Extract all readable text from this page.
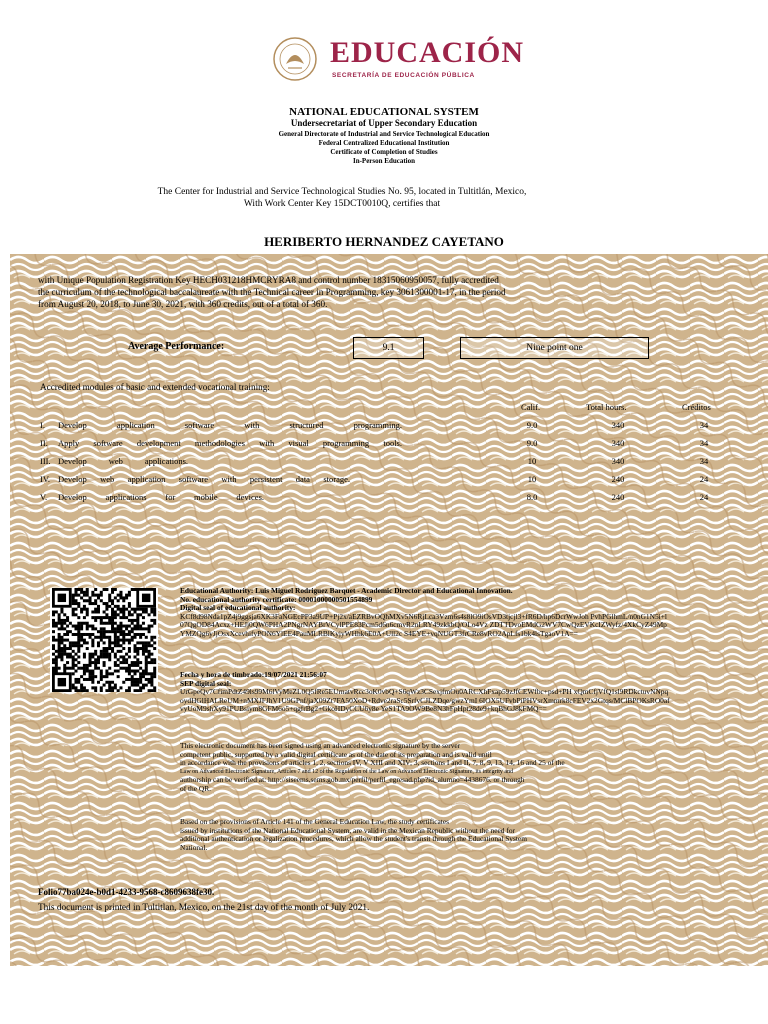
EDUCACIÓN
SECRETARÍA DE EDUCACIÓN PÚBLICA
NATIONAL EDUCATIONAL SYSTEM
Undersecretariat of Upper Secondary Education
General Directorate of Industrial and Service Technological Education
Federal Centralized Educational Institution
Certificate of Completion of Studies
In-Person Education
The Center for Industrial and Service Technological Studies No. 95, located in Tultitlán, Mexico,
With Work Center Key 15DCT0010Q, certifies that
HERIBERTO HERNANDEZ CAYETANO
with Unique Population Registration Key HECH031218HMCRYRA8 and control number 18315060950057, fully accredited
the curriculum of the technological baccalaureate with the Technical career in Programming, key 3061300001-17, in the period
from August 20, 2018, to June 30, 2021, with 360 credits, out of a total of 360.
Average Performance:	9.1	Nine point one
Accredited modules of basic and extended vocational training:
Calif.	Total hours.	Créditos
I. Develop application software with structured programming.	9.0	340	34
II. Apply software development methodologies with visual programming tools.	9.0	340	34
III. Develop web applications.	10	340	34
IV. Develop web application software with persistent data storage.	10	240	24
V. Develop applications for mobile devices.	8.0	240	24
Educational Authority: Luis Miguel Rodriguez Barquet - Academic Director and Educational Innovation.
No. educational authority certificate: 00001000000501554899
Digital seal of educational authority:
KCf8d98Nda1pZ4j9ggsja6XK3FaNGEcPP3a9UP+Pj2x/aEZRBvOQhMXv5N6RjLca3Vzm6s4s8lO9iOsVD3tjcjl3+fR6D/hp6DcrWwJoh PvhPGlhmL/n0nG1N5i+l07QgOD84Acxz+HEJj0QW6PHA2PNgrNAYBrVCylPPE83Pcm5d6n6cmvR2nLRY49zkkbQ/OLo4Vz ZDTTDvoEMdG2WV7CwQzEVKcIZWyfz/4XkCyZ49MpYMZQg6yJjOsxXcevhifyPON6YlEE4PauMLRBlKyjyWHhk6E0A+Ull2c S4EYE+vqNUGT3frCRe8vRO2ApLfs1bk4lsTgaoV1A==
Fecha y hora de timbrado:19/07/2021 21:56:07
SEP digital seal:
UrGpeQv7CfimPdtZ49ls99M6lVyMeZL0Q5fRe5EUrnatvRcc3oK0vbQ+S6qWz3CSexjfmOu0ARCXhFxap59zJfCEWfbc+psd+PH xQmCfjVfQ1sl9RDkctuvNNpqoydHGlHALReUM+nMXJFJhV1U9GPnf/jaX09Zt7FA50XoD+Rdve2raSc5SrfvCJLZDqe/gwzYmI 6IOX5UFvbPiPHVsrXmmrk8cFEV2x2Gtqs/MClBPOKsRO0afvyUoM9shXy91PUBsiym8GFM6o5+qgfrBg2+GkoHDyCCU6y8e YeS1TA9OW9Be8N3hFpHpt28de9+kqBhGJ8kFMQ==
This electronic document has been signed using an advanced electronic signature by the server
competent public, supported by a valid digital certificate as of the date of its preparation and is valid until
in accordance with the provisions of articles 1, 2, sections IV, V XIII and XIV; 3, sections I and II, 7, 8, 9, 13, 14, 16 and 25 of the
Law on Advanced Electronic Signature, Articles 7 and 12 of the Regulation of the Law on Advanced Electronic Signature, its integrity and
authorship can be verified at: http://siseems.sems.gob.mx/perfil/perfil_egresad.php?id_alumno=4438676. or through
of the QR.
Based on the provisions of Article 141 of the General Education Law, the study certificates
issued by institutions of the National Educational System, are valid in the Mexican Republic without the need for
additional authentication or legalization procedures, which allow the student's transit through the Educational System
National.
Folio77ba024e-b0d1-4233-9568-c8609638fe30.
This document is printed in Tultitlan, Mexico, on the 21st day of the month of July 2021.
